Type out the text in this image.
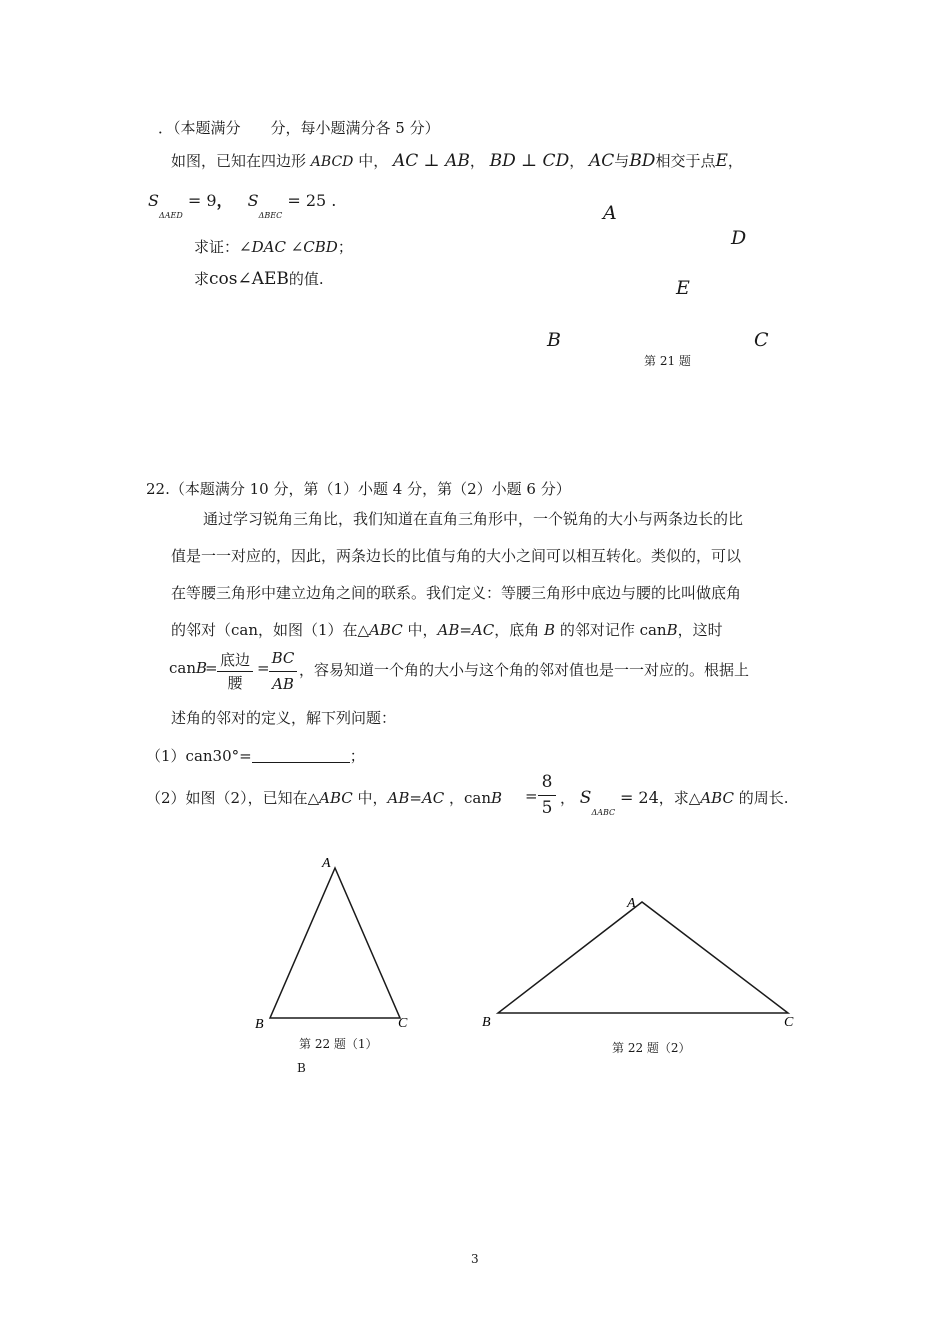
．（本题满分　　分，每小题满分各 5 分）
如图，已知在四边形 ABCD 中， AC ⊥ AB， BD ⊥ CD， AC与BD相交于点E，
$S_{\Delta AED} = 9$， $S_{\Delta BEC} = 25$ .
求证：∠DAC ∠CBD；
求cos∠AEB的值.
A
D
E
B	C
第 21 题
22.（本题满分 10 分，第（1）小题 4 分，第（2）小题 6 分）
通过学习锐角三角比，我们知道在直角三角形中，一个锐角的大小与两条边长的比
值是一一对应的，因此，两条边长的比值与角的大小之间可以相互转化。类似的，可以
在等腰三角形中建立边角之间的联系。我们定义：等腰三角形中底边与腰的比叫做底角
的邻对（can，如图（1）在△ABC 中，AB=AC，底角 B 的邻对记作 canB，这时
canB
= 底边
腰
=
BC
AB
，容易知道一个角的大小与这个角的邻对值也是一一对应的。根据上
述角的邻对的定义，解下列问题：
（1）can30°=	；
（2）如图（2），已知在△ABC 中，AB=AC ，canB =
8
5 ， $S_{\Delta ABC} = 24$，求△ABC 的周长.
A
B	C
第 22 题（1）
B
A
B	C
第 22 题（2）
3
